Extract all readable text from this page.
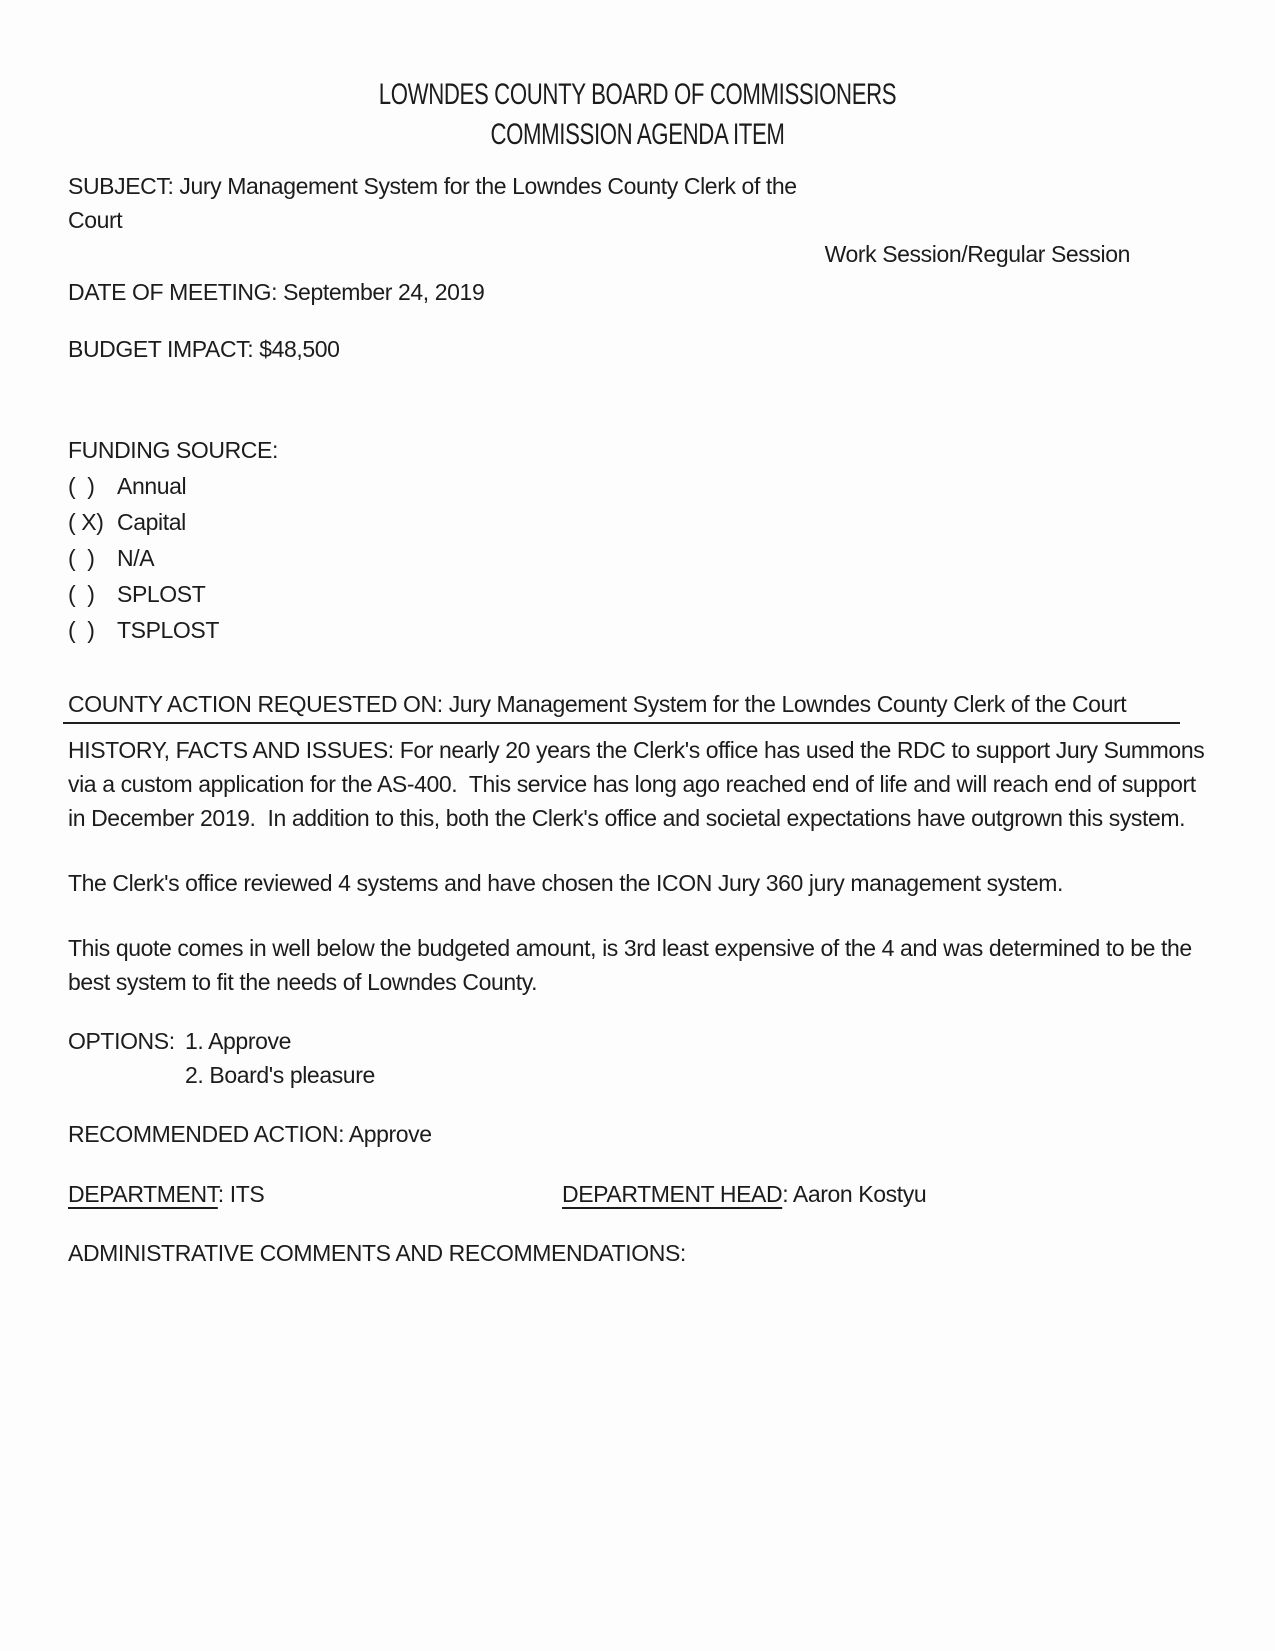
LOWNDES COUNTY BOARD OF COMMISSIONERS
COMMISSION AGENDA ITEM
SUBJECT: Jury Management System for the Lowndes County Clerk of the
Court
Work Session/Regular Session
DATE OF MEETING: September 24, 2019
BUDGET IMPACT: $48,500
FUNDING SOURCE:
(  ) Annual
( X) Capital
(  ) N/A
(  ) SPLOST
(  ) TSPLOST
COUNTY ACTION REQUESTED ON: Jury Management System for the Lowndes County Clerk of the Court

HISTORY, FACTS AND ISSUES: For nearly 20 years the Clerk's office has used the RDC to support Jury Summons via a custom application for the AS-400.  This service has long ago reached end of life and will reach end of support in December 2019.  In addition to this, both the Clerk's office and societal expectations have outgrown this system.

The Clerk's office reviewed 4 systems and have chosen the ICON Jury 360 jury management system.

This quote comes in well below the budgeted amount, is 3rd least expensive of the 4 and was determined to be the best system to fit the needs of Lowndes County.

OPTIONS: 1. Approve
2. Board's pleasure
RECOMMENDED ACTION: Approve
DEPARTMENT: ITS	DEPARTMENT HEAD: Aaron Kostyu
ADMINISTRATIVE COMMENTS AND RECOMMENDATIONS:
